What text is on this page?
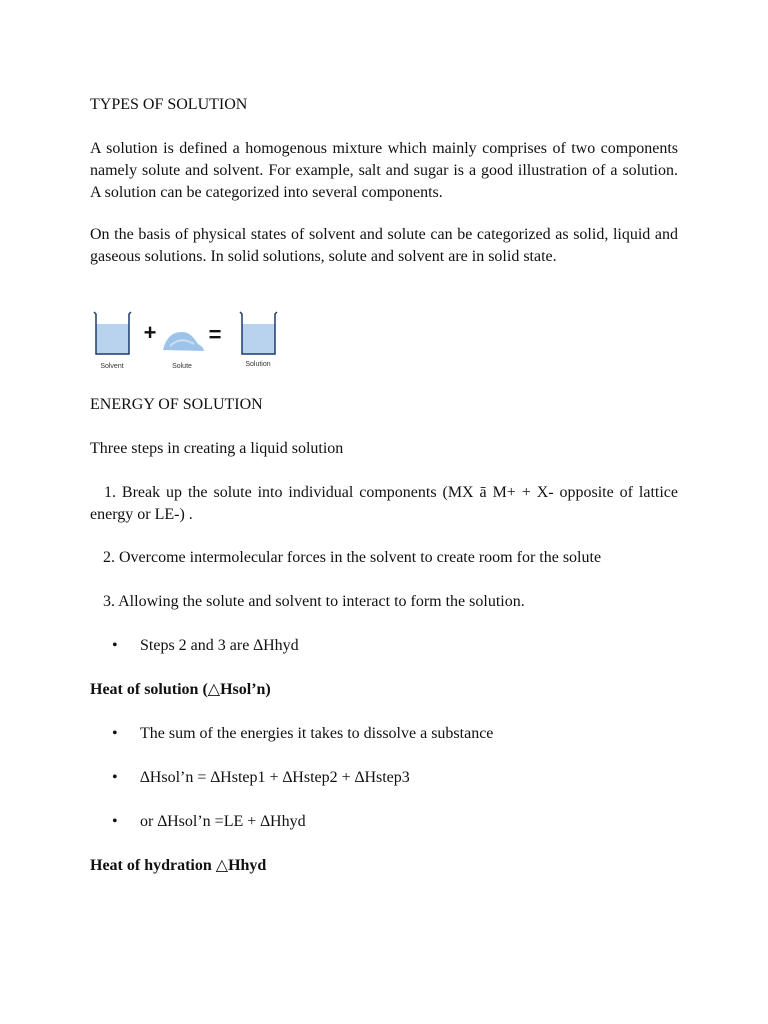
TYPES OF SOLUTION

A solution is defined a homogenous mixture which mainly comprises of two components namely solute and solvent. For example, salt and sugar is a good illustration of a solution. A solution can be categorized into several components.

On the basis of physical states of solvent and solute can be categorized as solid, liquid and gaseous solutions. In solid solutions, solute and solvent are in solid state.

+ =
Solvent	Solute	Solution

ENERGY OF SOLUTION

Three steps in creating a liquid solution

1. Break up the solute into individual components (MX ā M+ + X- opposite of lattice energy or LE-) .

2. Overcome intermolecular forces in the solvent to create room for the solute

3. Allowing the solute and solvent to interact to form the solution.

• Steps 2 and 3 are ∆Hhyd

Heat of solution (△Hsol’n)

• The sum of the energies it takes to dissolve a substance
• ∆Hsol’n = ∆Hstep1 + ∆Hstep2 + ∆Hstep3
• or ∆Hsol’n =LE + ∆Hhyd

Heat of hydration △Hhyd
